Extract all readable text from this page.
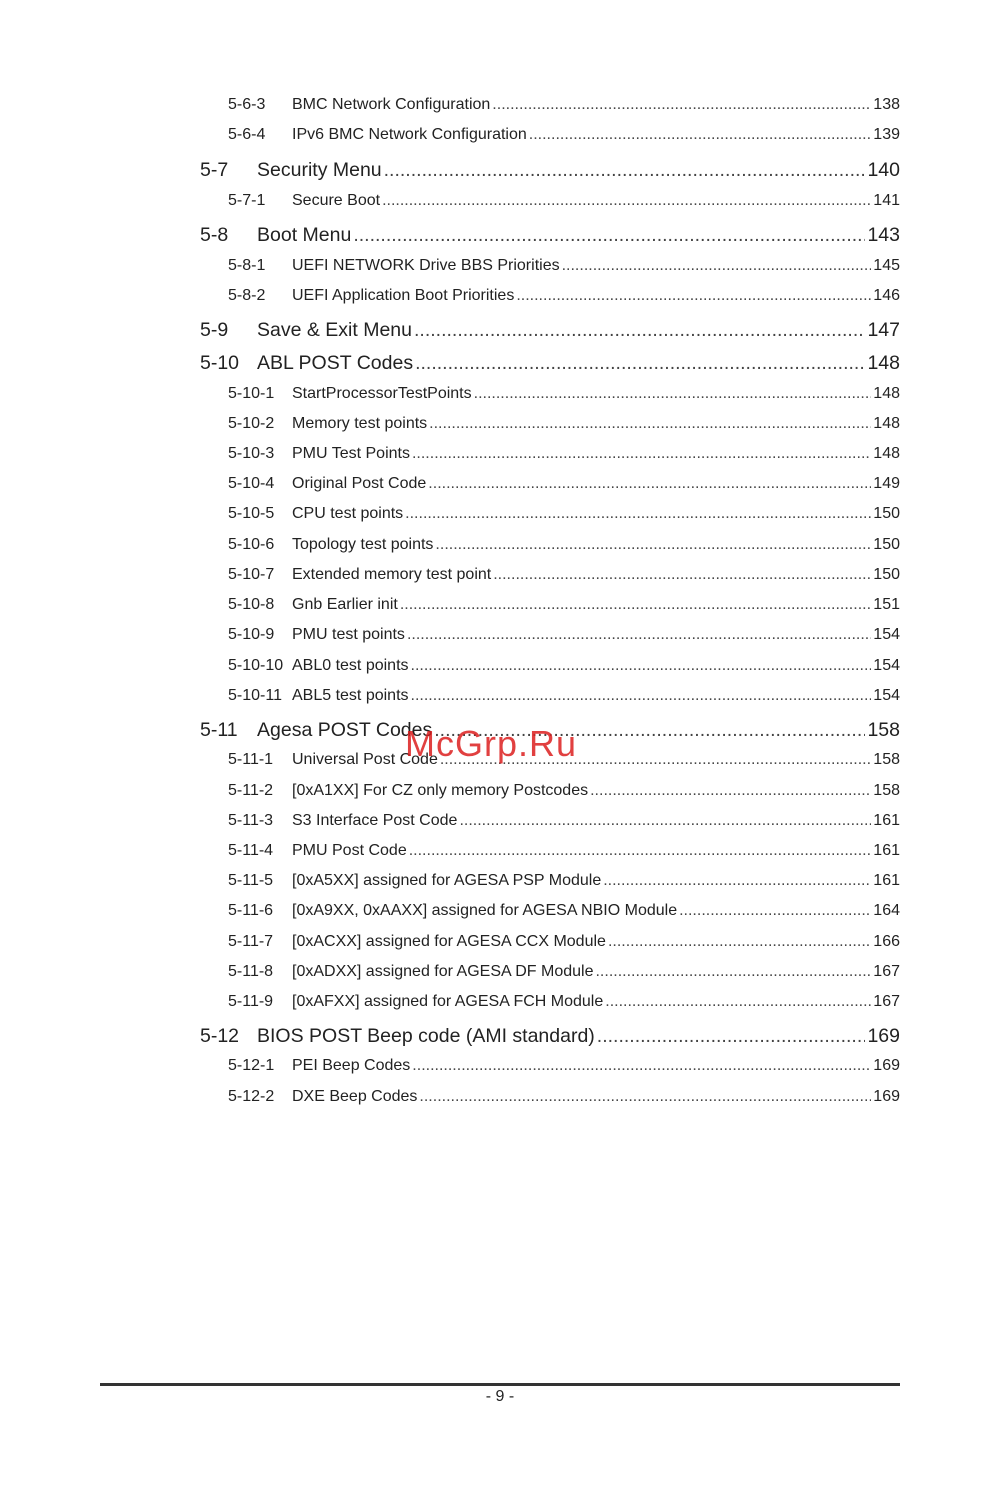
5-6-3	BMC Network Configuration .....	138
5-6-4	IPv6 BMC Network Configuration .....	139
5-7	Security Menu .....	140
5-7-1	Secure Boot .....	141
5-8	Boot Menu .....	143
5-8-1	UEFI NETWORK Drive BBS Priorities .....	145
5-8-2	UEFI Application Boot Priorities .....	146
5-9	Save & Exit Menu .....	147
5-10 ABL POST Codes .....	148
5-10-1	StartProcessorTestPoints .....	148
5-10-2	Memory test points .....	148
5-10-3	PMU Test Points .....	148
5-10-4	Original Post Code .....	149
5-10-5	CPU test points .....	150
5-10-6	Topology test points .....	150
5-10-7	Extended memory test point .....	150
5-10-8	Gnb Earlier init .....	151
5-10-9	PMU test points .....	154
5-10-10 ABL0 test points .....	154
5-10-11 ABL5 test points .....	154
5-11 Agesa POST Codes .....	158
5-11-1	Universal Post Code .....	158
5-11-2	[0xA1XX] For CZ only memory Postcodes .....	158
5-11-3	S3 Interface Post Code .....	161
5-11-4	PMU Post Code .....	161
5-11-5	[0xA5XX] assigned for AGESA PSP Module .....	161
5-11-6	[0xA9XX, 0xAAXX] assigned for AGESA NBIO Module .....	164
5-11-7	[0xACXX] assigned for AGESA CCX Module .....	166
5-11-8	[0xADXX] assigned for AGESA DF Module .....	167
5-11-9	[0xAFXX] assigned for AGESA FCH Module .....	167
5-12 BIOS POST Beep code (AMI standard) .....	169
5-12-1	PEI Beep Codes .....	169
5-12-2	DXE Beep Codes .....	169
McGrp.Ru
- 9 -
